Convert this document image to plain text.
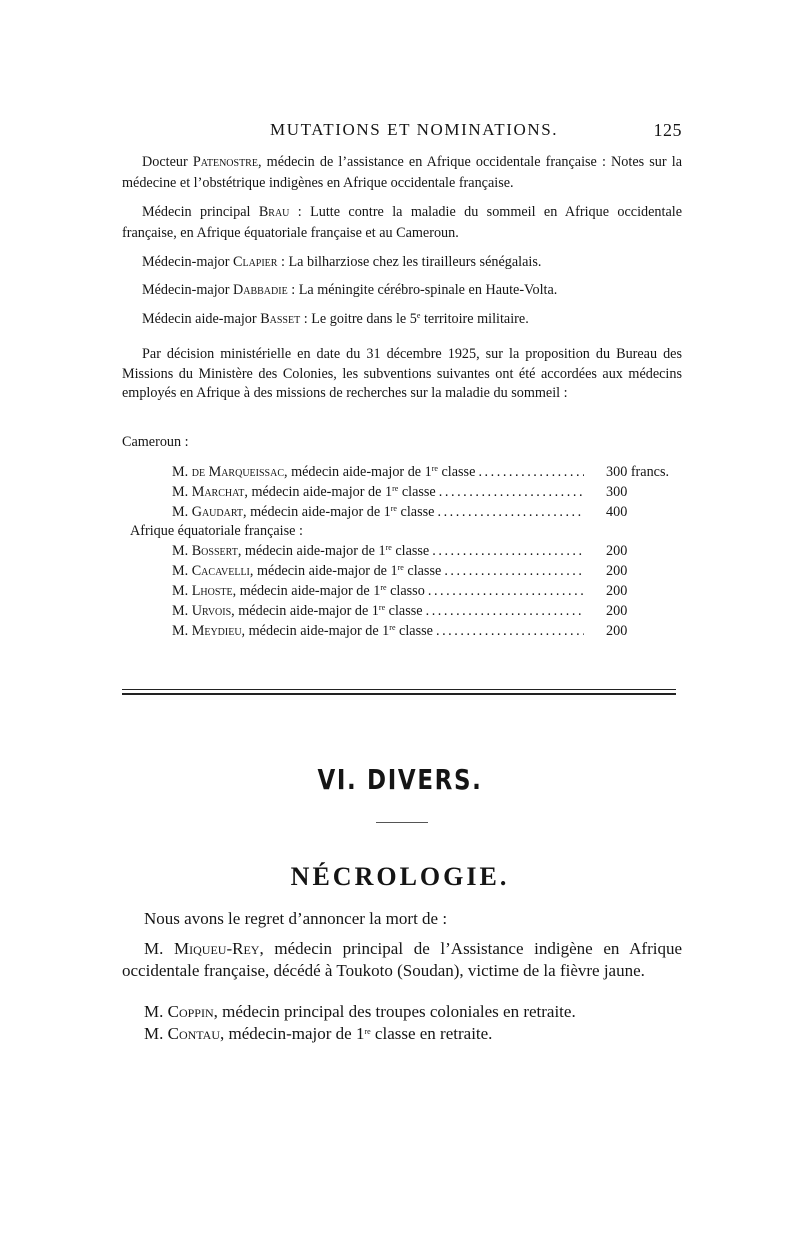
MUTATIONS ET NOMINATIONS.	125

Docteur Patenostre, médecin de l’assistance en Afrique occidentale française : Notes sur la médecine et l’obstétrique indigènes en Afrique occidentale française.

Médecin principal Brau : Lutte contre la maladie du sommeil en Afrique occidentale française, en Afrique équatoriale française et au Cameroun.

Médecin-major Clapier : La bilharziose chez les tirailleurs sénégalais.

Médecin-major Dabbadie : La méningite cérébro-spinale en Haute-Volta.

Médecin aide-major Basset : Le goitre dans le 5e territoire militaire.

Par décision ministérielle en date du 31 décembre 1925, sur la proposition du Bureau des Missions du Ministère des Colonies, les subventions suivantes ont été accordées aux médecins employés en Afrique à des missions de recherches sur la maladie du sommeil :

Cameroun :
M. de Marqueissac, médecin aide-major de 1re classe . . .	300 francs.
M. Marchat, médecin aide-major de 1re classe . . .	300
M. Gaudart, médecin aide-major de 1re classe . . .	400
Afrique équatoriale française :
M. Bossert, médecin aide-major de 1re classe . . .	200
M. Cacavelli, médecin aide-major de 1re classe . . .	200
M. Lhoste, médecin aide-major de 1re classo . . .	200
M. Urvois, médecin aide-major de 1re classe . . .	200
M. Meydieu, médecin aide-major de 1re classe . . .	200
VI. DIVERS.
NÉCROLOGIE.

Nous avons le regret d’annoncer la mort de :

M. Miqueu-Rey, médecin principal de l’Assistance indigène en Afrique occidentale française, décédé à Toukoto (Soudan), victime de la fièvre jaune.

M. Coppin, médecin principal des troupes coloniales en retraite.

M. Contau, médecin-major de 1re classe en retraite.
